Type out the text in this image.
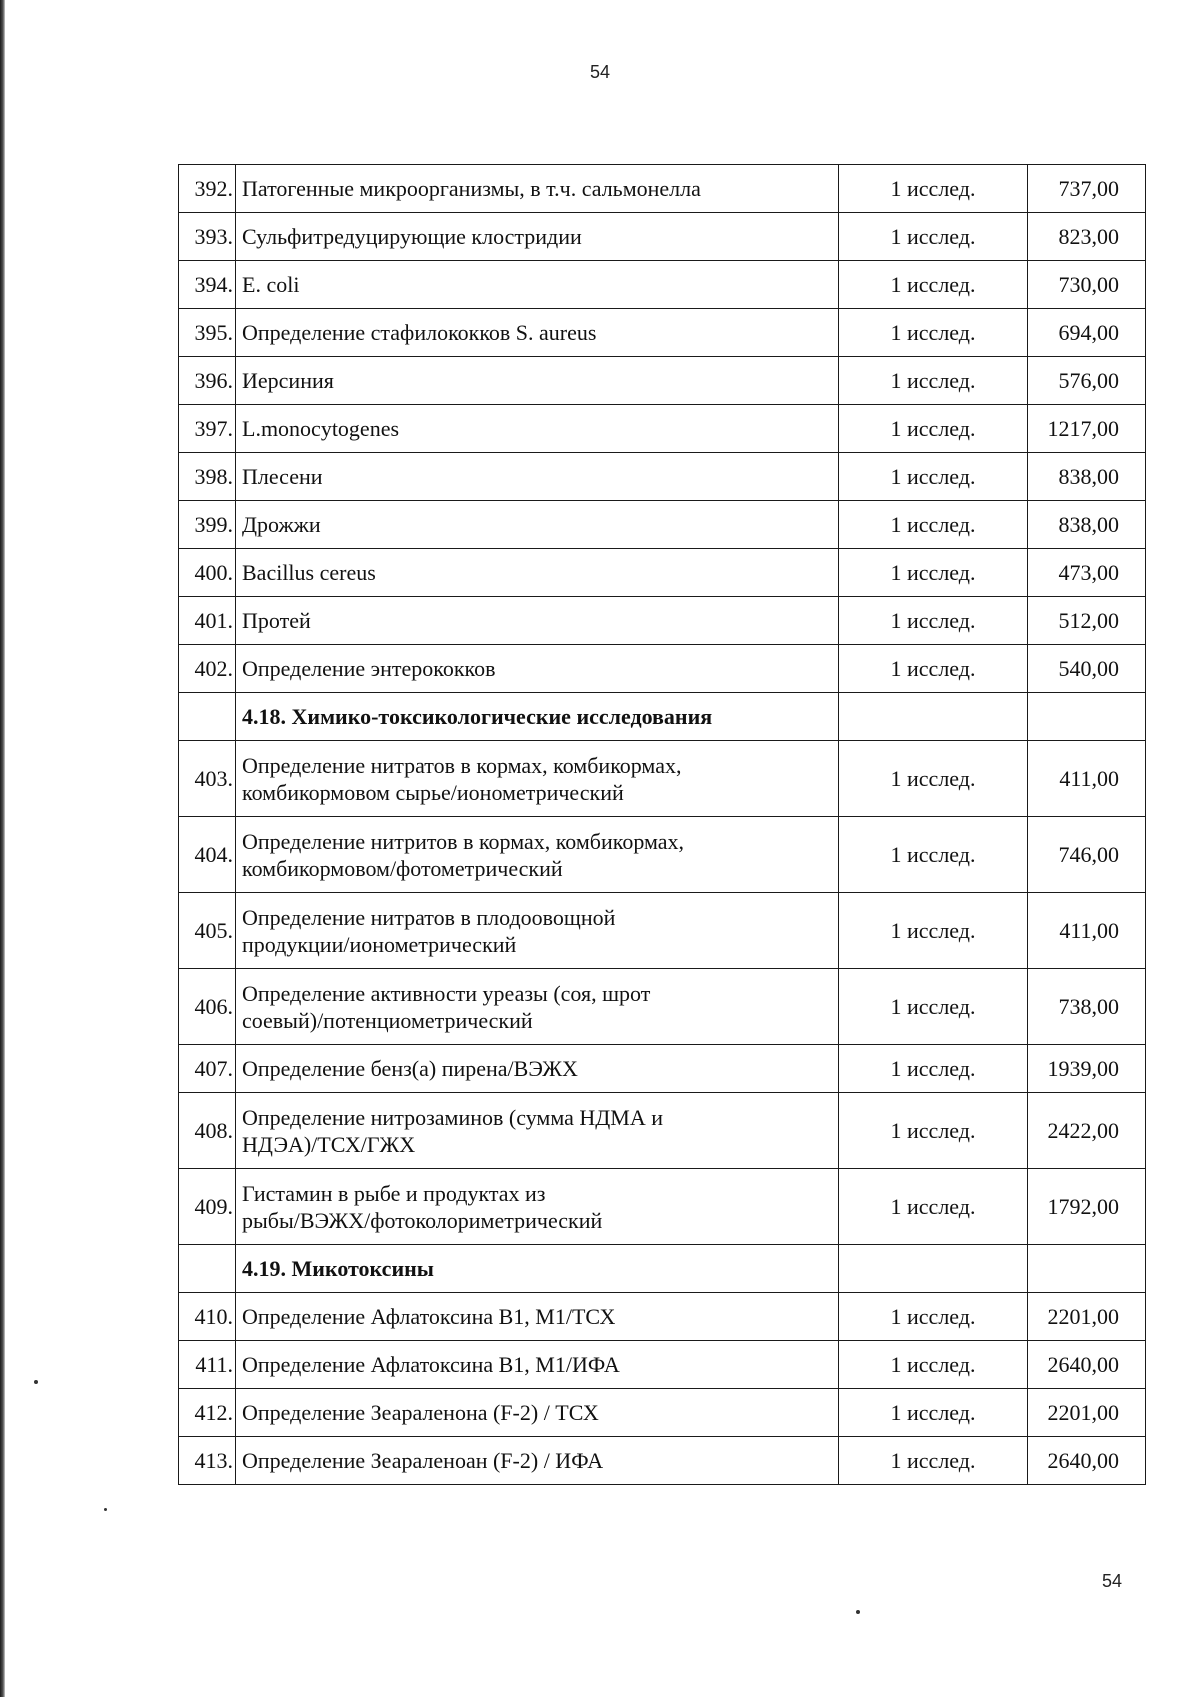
54
392.	Патогенные микроорганизмы, в т.ч. сальмонелла	1 исслед.	737,00
393.	Сульфитредуцирующие клостридии	1 исслед.	823,00
394.	E. coli	1 исслед.	730,00
395.	Определение стафилококков S. aureus	1 исслед.	694,00
396.	Иерсиния	1 исслед.	576,00
397.	L.monocytogenes	1 исслед.	1217,00
398.	Плесени	1 исслед.	838,00
399.	Дрожжи	1 исслед.	838,00
400.	Bacillus cereus	1 исслед.	473,00
401.	Протей	1 исслед.	512,00
402.	Определение энтерококков	1 исслед.	540,00

	4.18. Химико-токсикологические исследования		

403.	Определение нитратов в кормах, комбикормах,
комбикормовом сырье/ионометрический	1 исслед.	411,00
404.	Определение нитритов в кормах, комбикормах,
комбикормовом/фотометрический	1 исслед.	746,00
405.	Определение нитратов в плодоовощной
продукции/ионометрический	1 исслед.	411,00
406.	Определение активности уреазы (соя, шрот
соевый)/потенциометрический	1 исслед.	738,00
407.	Определение бенз(а) пирена/ВЭЖХ	1 исслед.	1939,00
408.	Определение нитрозаминов (сумма НДМА и
НДЭА)/ТСХ/ГЖХ	1 исслед.	2422,00
409.	Гистамин в рыбе и продуктах из
рыбы/ВЭЖХ/фотоколориметрический	1 исслед.	1792,00

	4.19. Микотоксины		

410.	Определение Афлатоксина В1, М1/ТСХ	1 исслед.	2201,00
411.	Определение Афлатоксина В1, М1/ИФА	1 исслед.	2640,00
412.	Определение Зеараленона (F-2) / ТСХ	1 исслед.	2201,00
413.	Определение Зеараленоан (F-2) / ИФА	1 исслед.	2640,00
54
